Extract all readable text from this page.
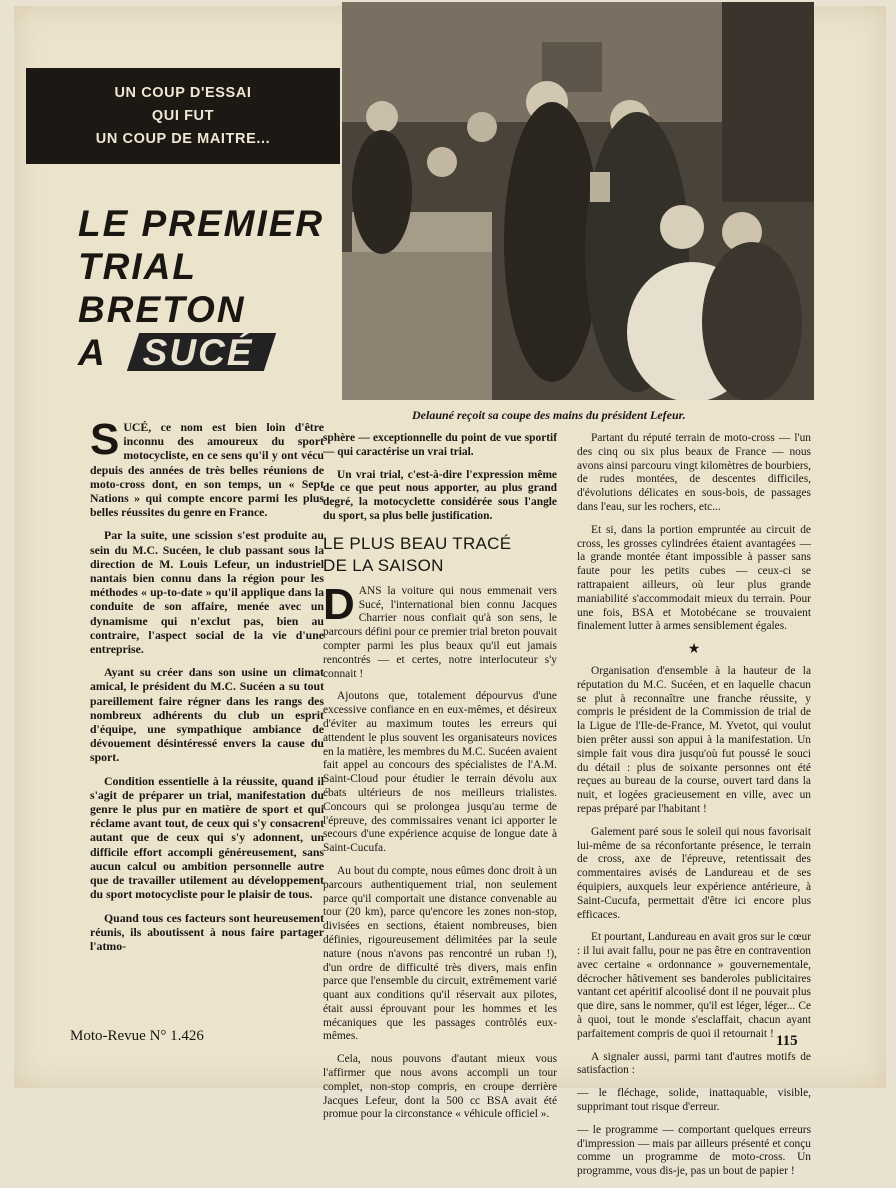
UN COUP D'ESSAI
QUI FUT
UN COUP DE MAITRE...
LE PREMIER
TRIAL
BRETON
A SUCÉ
Delauné reçoit sa coupe des mains du président Lefeur.

SUCÉ, ce nom est bien loin d'être inconnu des amoureux du sport motocycliste, en ce sens qu'il y ont vécu depuis des années de très belles réunions de moto-cross dont, en son temps, un « Sept Nations » qui compte encore parmi les plus belles réussites du genre en France.

Par la suite, une scission s'est produite au sein du M.C. Sucéen, le club passant sous la direction de M. Louis Lefeur, un industriel nantais bien connu dans la région pour les méthodes « up-to-date » qu'il applique dans la conduite de son affaire, menée avec un dynamisme qui n'exclut pas, bien au contraire, l'aspect social de la vie d'une entreprise.

Ayant su créer dans son usine un climat amical, le président du M.C. Sucéen a su tout pareillement faire régner dans les rangs des nombreux adhérents du club un esprit d'équipe, une sympathique ambiance de dévouement désintéressé envers la cause du sport.

Condition essentielle à la réussite, quand il s'agit de préparer un trial, manifestation du genre le plus pur en matière de sport et qui réclame avant tout, de ceux qui s'y consacrent autant que de ceux qui s'y adonnent, un difficile effort accompli généreusement, sans aucun calcul ou ambition personnelle autre que de travailler utilement au développement du sport motocycliste pour le plaisir de tous.

Quand tous ces facteurs sont heureusement réunis, ils aboutissent à nous faire partager l'atmo-

sphère — exceptionnelle du point de vue sportif — qui caractérise un vrai trial.

Un vrai trial, c'est-à-dire l'expression même de ce que peut nous apporter, au plus grand degré, la motocyclette considérée sous l'angle du sport, sa plus belle justification.

LE PLUS BEAU TRACÉ
DE LA SAISON

DANS la voiture qui nous emmenait vers Sucé, l'international bien connu Jacques Charrier nous confiait qu'à son sens, le parcours défini pour ce premier trial breton pouvait compter parmi les plus beaux qu'il eut jamais rencontrés — et certes, notre interlocuteur s'y connait !

Ajoutons que, totalement dépourvus d'une excessive confiance en en eux-mêmes, et désireux d'éviter au maximum toutes les erreurs qui attendent le plus souvent les organisateurs novices en la matière, les membres du M.C. Sucéen avaient fait appel au concours des spécialistes de l'A.M. Saint-Cloud pour étudier le terrain dévolu aux ébats ultérieurs de nos meilleurs trialistes. Concours qui se prolongea jusqu'au terme de l'épreuve, des commissaires venant ici apporter le secours d'une expérience acquise de longue date à Saint-Cucufa.

Au bout du compte, nous eûmes donc droit à un parcours authentiquement trial, non seulement parce qu'il comportait une distance convenable au tour (20 km), parce qu'encore les zones non-stop, divisées en sections, étaient nombreuses, bien définies, rigoureusement délimitées par la seule nature (nous n'avons pas rencontré un ruban !), d'un ordre de difficulté très divers, mais enfin parce que l'ensemble du circuit, extrêmement varié quant aux conditions qu'il réservait aux pilotes, était aussi éprouvant pour les hommes et les mécaniques que les passages contrôlés eux-mêmes.

Cela, nous pouvons d'autant mieux vous l'affirmer que nous avons accompli un tour complet, non-stop compris, en croupe derrière Jacques Lefeur, dont la 500 cc BSA avait été promue pour la circonstance « véhicule officiel ».

Partant du réputé terrain de moto-cross — l'un des cinq ou six plus beaux de France — nous avons ainsi parcouru vingt kilomètres de bourbiers, de rudes montées, de descentes difficiles, d'évolutions délicates en sous-bois, de passages dans l'eau, sur les rochers, etc...

Et si, dans la portion empruntée au circuit de cross, les grosses cylindrées étaient avantagées — la grande montée étant impossible à passer sans faute pour les petits cubes — ceux-ci se rattrapaient ailleurs, où leur plus grande maniabilité s'accommodait mieux du terrain. Pour une fois, BSA et Motobécane se trouvaient finalement lutter à armes sensiblement égales.

★

Organisation d'ensemble à la hauteur de la réputation du M.C. Sucéen, et en laquelle chacun se plut à reconnaître une franche réussite, y compris le président de la Commission de trial de la Ligue de l'Ile-de-France, M. Yvetot, qui voulut bien prêter aussi son appui à la manifestation. Un simple fait vous dira jusqu'où fut poussé le souci du détail : plus de soixante personnes ont été reçues au bureau de la course, ouvert tard dans la nuit, et logées gracieusement en ville, avec un repas préparé par l'habitant !

Galement paré sous le soleil qui nous favorisait lui-même de sa réconfortante présence, le terrain de cross, axe de l'épreuve, retentissait des commentaires avisés de Landureau et de ses équipiers, auxquels leur expérience antérieure, à Saint-Cucufa, permettait d'être ici encore plus efficaces.

Et pourtant, Landureau en avait gros sur le cœur : il lui avait fallu, pour ne pas être en contravention avec certaine « ordonnance » gouvernementale, décrocher hâtivement ses banderoles publicitaires vantant cet apéritif alcoolisé dont il ne pouvait plus que dire, sans le nommer, qu'il est léger, léger... Ce à quoi, tout le monde s'esclaffait, chacun ayant parfaitement compris de quoi il retournait !

A signaler aussi, parmi tant d'autres motifs de satisfaction :

— le fléchage, solide, inattaquable, visible, supprimant tout risque d'erreur.

— le programme — comportant quelques erreurs d'impression — mais par ailleurs présenté et conçu comme un programme de moto-cross. Un programme, vous dis-je, pas un bout de papier !

Moto-Revue N° 1.426	115
